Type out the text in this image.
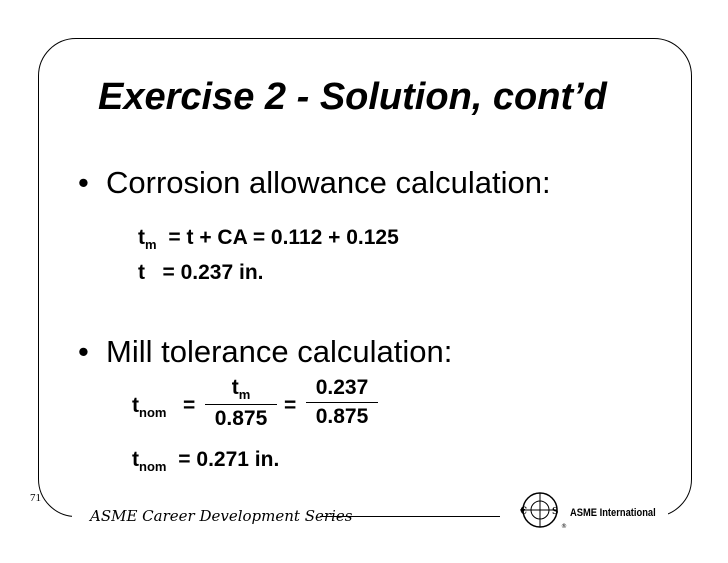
Exercise 2 - Solution, cont’d
• Corrosion allowance calculation:
$t_m = t$ + CA = 0.112 + 0.125
t   = 0.237 in.
• Mill tolerance calculation:
$t_{nom}$ =
$t_m$
0.875
=
0.237
0.875
$t_{nom} = 0.271$ in.
71
ASME Career Development Series	€	S
®
ASME International
